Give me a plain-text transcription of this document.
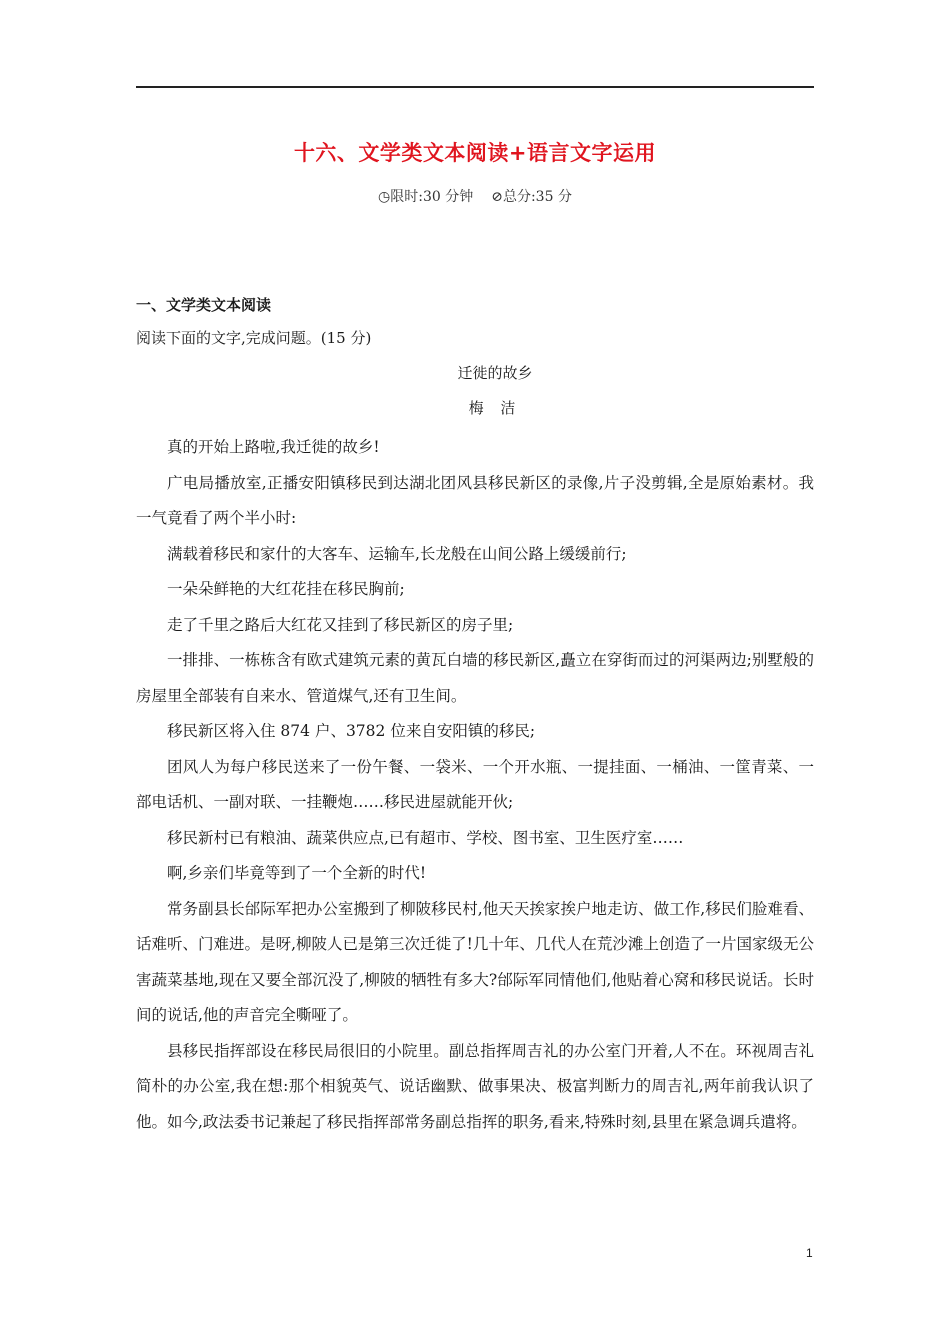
十六、文学类文本阅读+语言文字运用
◷限时:30 分钟 ⊘总分:35 分
一、文学类文本阅读
阅读下面的文字,完成问题。(15 分)
迁徙的故乡
梅 洁

真的开始上路啦,我迁徙的故乡!

广电局播放室,正播安阳镇移民到达湖北团风县移民新区的录像,片子没剪辑,全是原始素材。我一气竟看了两个半小时:

满载着移民和家什的大客车、运输车,长龙般在山间公路上缓缓前行;

一朵朵鲜艳的大红花挂在移民胸前;

走了千里之路后大红花又挂到了移民新区的房子里;

一排排、一栋栋含有欧式建筑元素的黄瓦白墙的移民新区,矗立在穿街而过的河渠两边;别墅般的房屋里全部装有自来水、管道煤气,还有卫生间。

移民新区将入住 874 户、3782 位来自安阳镇的移民;

团风人为每户移民送来了一份午餐、一袋米、一个开水瓶、一提挂面、一桶油、一筐青菜、一部电话机、一副对联、一挂鞭炮……移民进屋就能开伙;

移民新村已有粮油、蔬菜供应点,已有超市、学校、图书室、卫生医疗室……

啊,乡亲们毕竟等到了一个全新的时代!

常务副县长邰际军把办公室搬到了柳陂移民村,他天天挨家挨户地走访、做工作,移民们脸难看、话难听、门难进。是呀,柳陂人已是第三次迁徙了!几十年、几代人在荒沙滩上创造了一片国家级无公害蔬菜基地,现在又要全部沉没了,柳陂的牺牲有多大?邰际军同情他们,他贴着心窝和移民说话。长时间的说话,他的声音完全嘶哑了。

县移民指挥部设在移民局很旧的小院里。副总指挥周吉礼的办公室门开着,人不在。环视周吉礼简朴的办公室,我在想:那个相貌英气、说话幽默、做事果决、极富判断力的周吉礼,两年前我认识了他。如今,政法委书记兼起了移民指挥部常务副总指挥的职务,看来,特殊时刻,县里在紧急调兵遣将。

1
